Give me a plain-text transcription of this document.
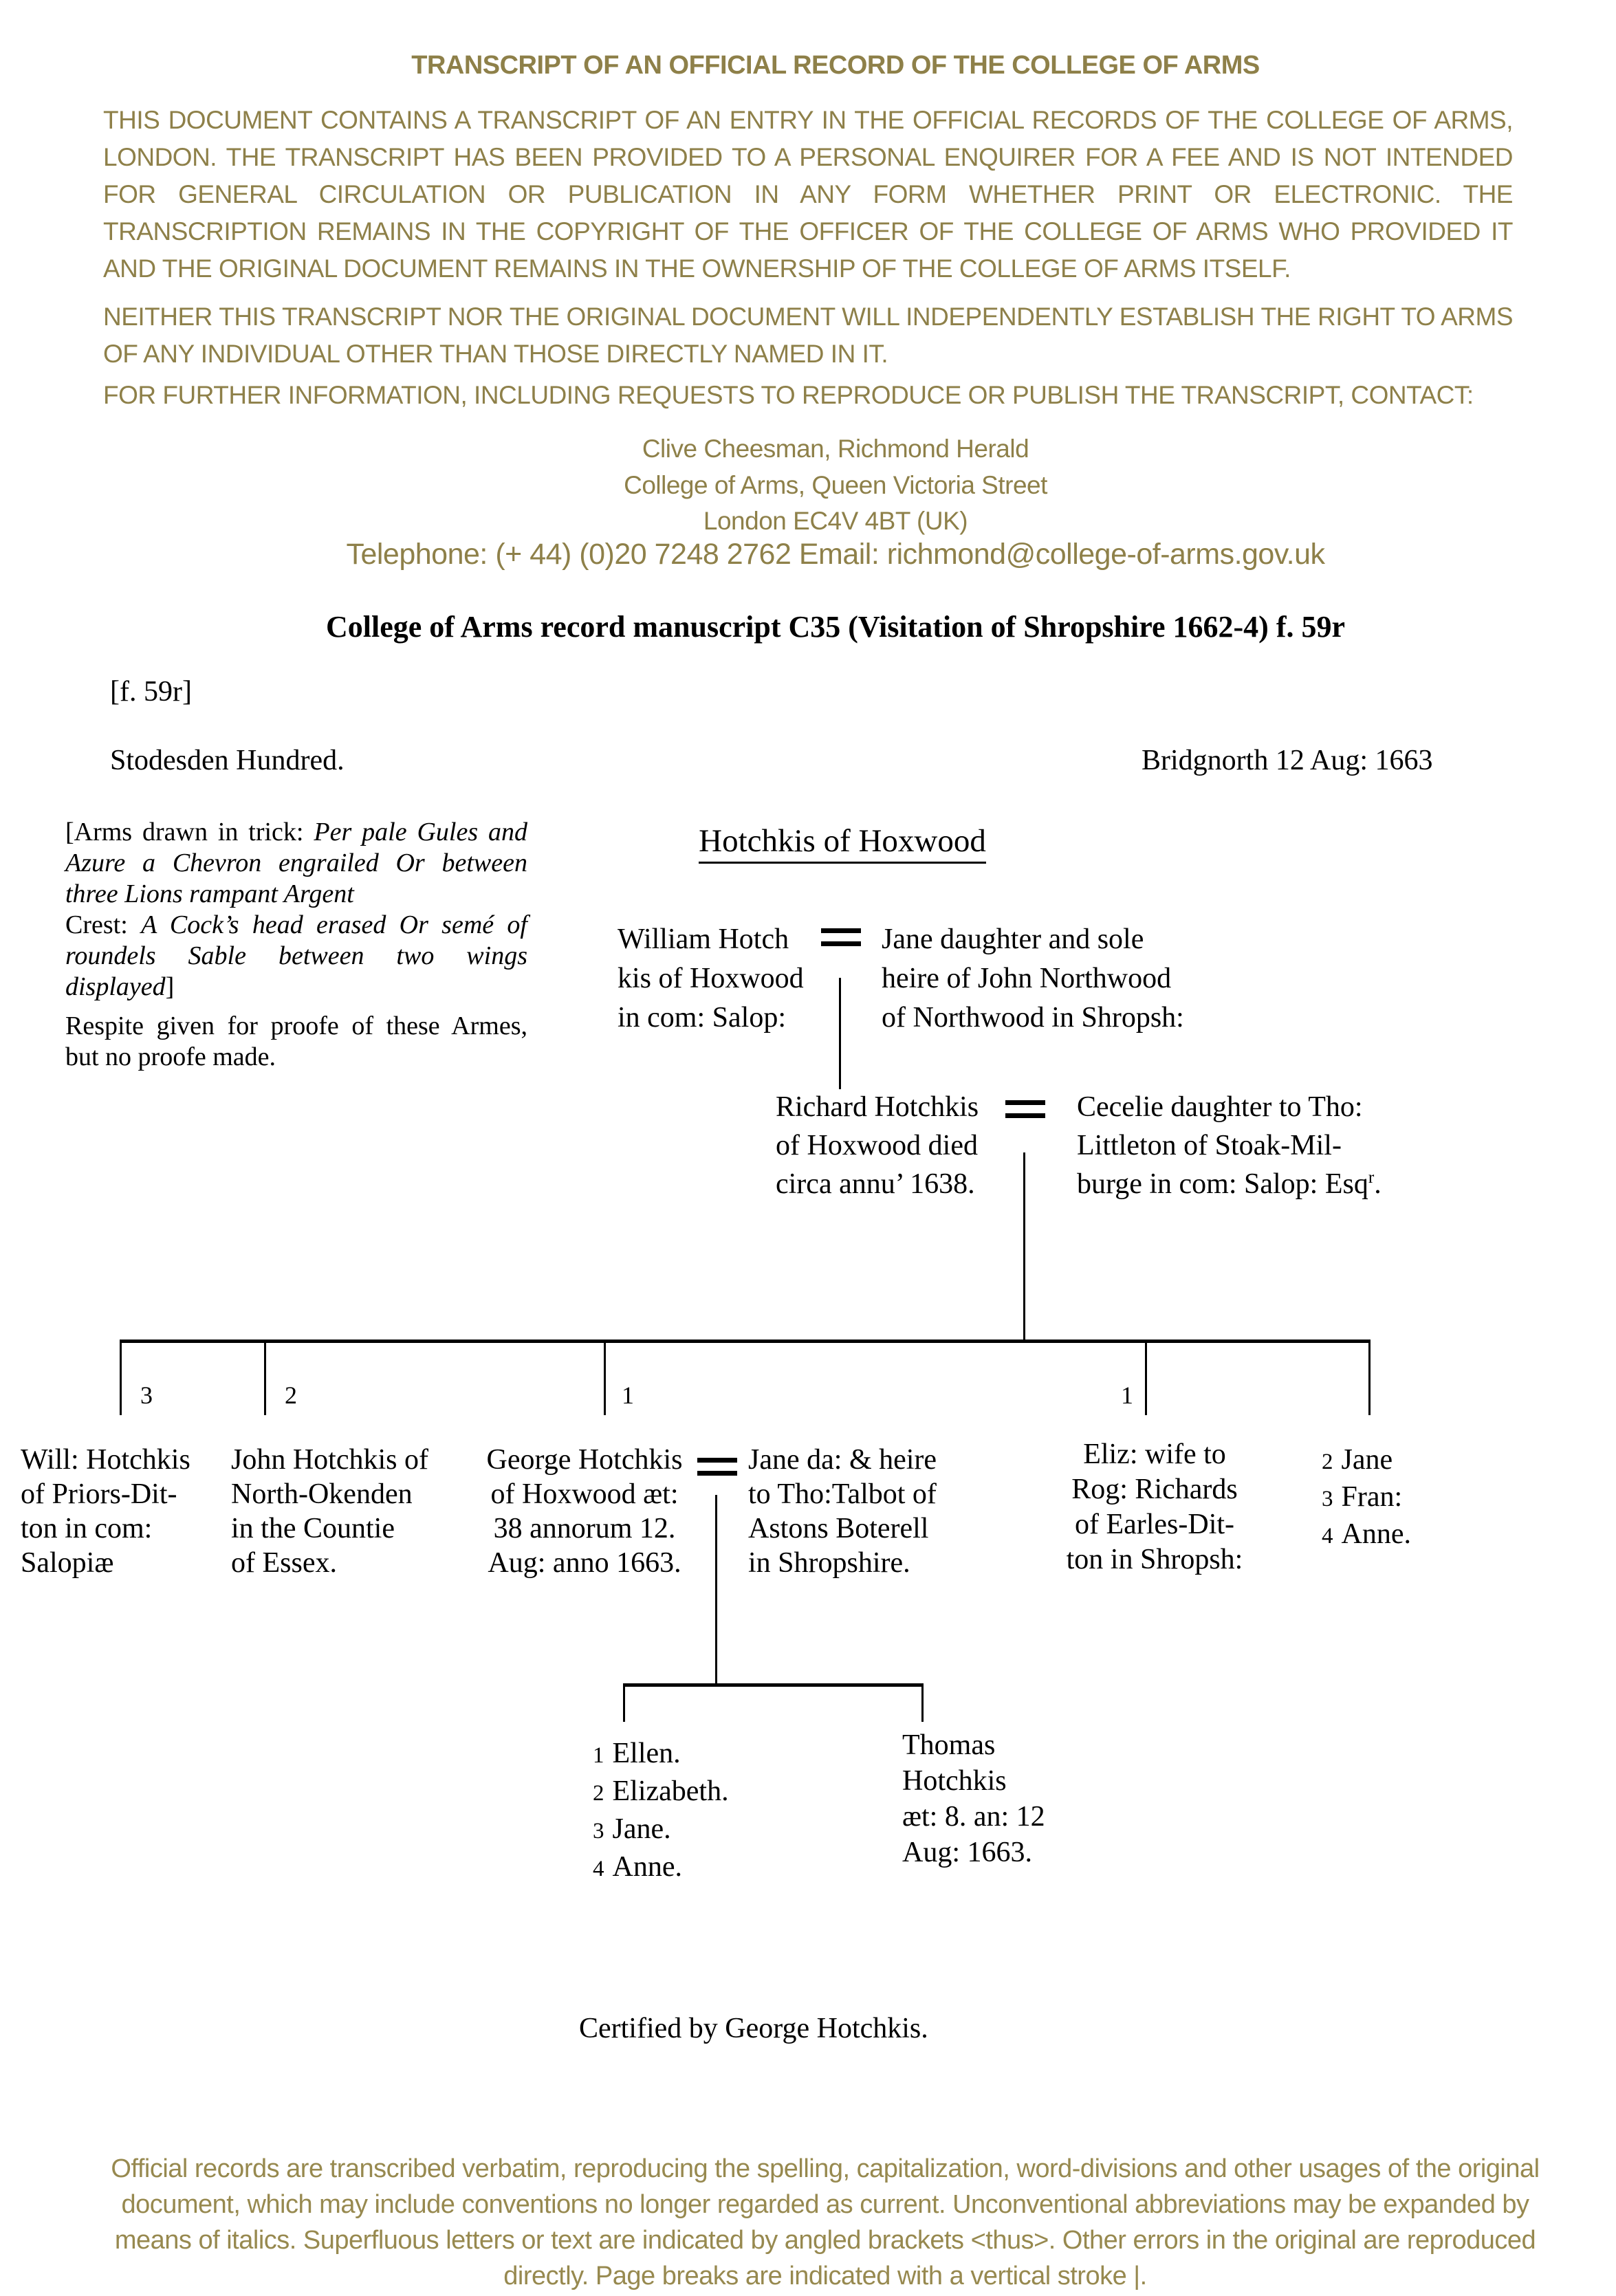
TRANSCRIPT OF AN OFFICIAL RECORD OF THE COLLEGE OF ARMS
THIS DOCUMENT CONTAINS A TRANSCRIPT OF AN ENTRY IN THE OFFICIAL RECORDS OF THE COLLEGE OF ARMS, LONDON. THE TRANSCRIPT HAS BEEN PROVIDED TO A PERSONAL ENQUIRER FOR A FEE AND IS NOT INTENDED FOR GENERAL CIRCULATION OR PUBLICATION IN ANY FORM WHETHER PRINT OR ELECTRONIC. THE TRANSCRIPTION REMAINS IN THE COPYRIGHT OF THE OFFICER OF THE COLLEGE OF ARMS WHO PROVIDED IT AND THE ORIGINAL DOCUMENT REMAINS IN THE OWNERSHIP OF THE COLLEGE OF ARMS ITSELF.
NEITHER THIS TRANSCRIPT NOR THE ORIGINAL DOCUMENT WILL INDEPENDENTLY ESTABLISH THE RIGHT TO ARMS OF ANY INDIVIDUAL OTHER THAN THOSE DIRECTLY NAMED IN IT.
FOR FURTHER INFORMATION, INCLUDING REQUESTS TO REPRODUCE OR PUBLISH THE TRANSCRIPT, CONTACT:
Clive Cheesman, Richmond Herald
College of Arms, Queen Victoria Street
London EC4V 4BT (UK)
Telephone: (+ 44) (0)20 7248 2762 Email: richmond@college-of-arms.gov.uk
College of Arms record manuscript C35 (Visitation of Shropshire 1662-4) f. 59r
[f. 59r]
Stodesden Hundred.	Bridgnorth 12 Aug: 1663
[Arms drawn in trick: Per pale Gules and
Azure a Chevron engrailed Or between
three Lions rampant Argent
Crest: A Cock’s head erased Or semé of
roundels Sable between two wings
displayed]
Respite given for proofe of these Armes,
but no proofe made.
Hotchkis of Hoxwood
William Hotch
kis of Hoxwood
in com: Salop:
Jane daughter and sole
heire of John Northwood
of Northwood in Shropsh:
Richard Hotchkis
of Hoxwood died
circa annu’ 1638.
Cecelie daughter to Tho:
Littleton of Stoak-Mil-
burge in com: Salop: Esq$^r$.
3	2	1	1
Will: Hotchkis
of Priors-Dit-
ton in com:
Salopiæ
John Hotchkis of
North-Okenden
in the Countie
of Essex.
George Hotchkis
of Hoxwood æt:
38 annorum 12.
Aug: anno 1663.
Jane da: & heire
to Tho:Talbot of
Astons Boterell
in Shropshire.
Eliz: wife to
Rog: Richards
of Earles-Dit-
ton in Shropsh:
2 Jane
3 Fran:
4 Anne.
1 Ellen.
2 Elizabeth.
3 Jane.
4 Anne.
Thomas
Hotchkis
æt: 8. an: 12
Aug: 1663.
Certified by George Hotchkis.
Official records are transcribed verbatim, reproducing the spelling, capitalization, word-divisions and other usages of the original document, which may include conventions no longer regarded as current. Unconventional abbreviations may be expanded by means of italics. Superfluous letters or text are indicated by angled brackets <thus>. Other errors in the original are reproduced directly. Page breaks are indicated with a vertical stroke |.
